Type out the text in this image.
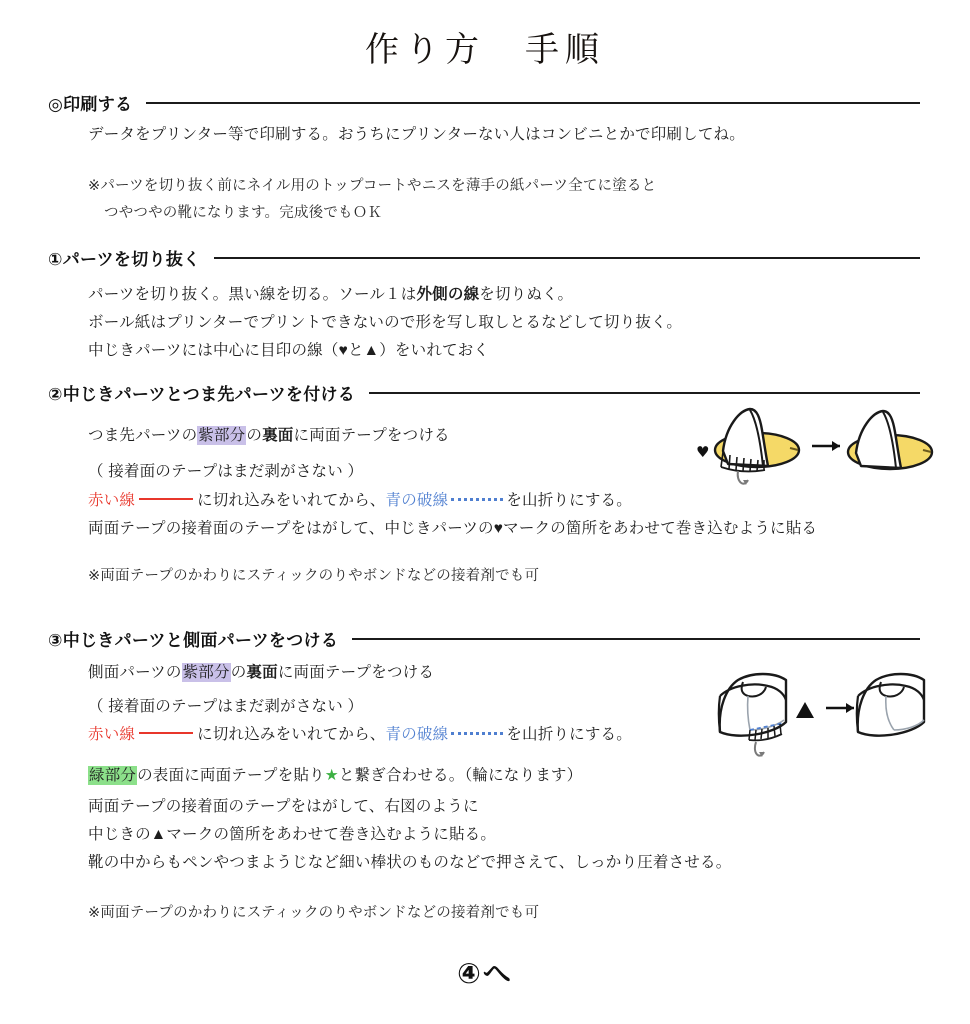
作り方　手順
◎印刷する
データをプリンター等で印刷する。おうちにプリンターない人はコンビニとかで印刷してね。
※パーツを切り抜く前にネイル用のトップコートやニスを薄手の紙パーツ全てに塗ると
つやつやの靴になります。完成後でもＯＫ
①パーツを切り抜く
パーツを切り抜く。黒い線を切る。ソール１は外側の線を切りぬく。
ボール紙はプリンターでプリントできないので形を写し取しとるなどして切り抜く。
中じきパーツには中心に目印の線（♥と▲）をいれておく
②中じきパーツとつま先パーツを付ける
つま先パーツの紫部分の裏面に両面テープをつける
（ 接着面のテープはまだ剥がさない ）
赤い線	に切れ込みをいれてから、青の破線	を山折りにする。
両面テープの接着面のテープをはがして、中じきパーツの♥マークの箇所をあわせて巻き込むように貼る
※両面テープのかわりにスティックのりやボンドなどの接着剤でも可
♥
③中じきパーツと側面パーツをつける
側面パーツの紫部分の裏面に両面テープをつける
（ 接着面のテープはまだ剥がさない ）
赤い線	に切れ込みをいれてから、青の破線	を山折りにする。
緑部分の表面に両面テープを貼り★と繋ぎ合わせる。（輪になります）
両面テープの接着面のテープをはがして、右図のように
中じきの▲マークの箇所をあわせて巻き込むように貼る。
靴の中からもペンやつまようじなど細い棒状のものなどで押さえて、しっかり圧着させる。
※両面テープのかわりにスティックのりやボンドなどの接着剤でも可
④へ
